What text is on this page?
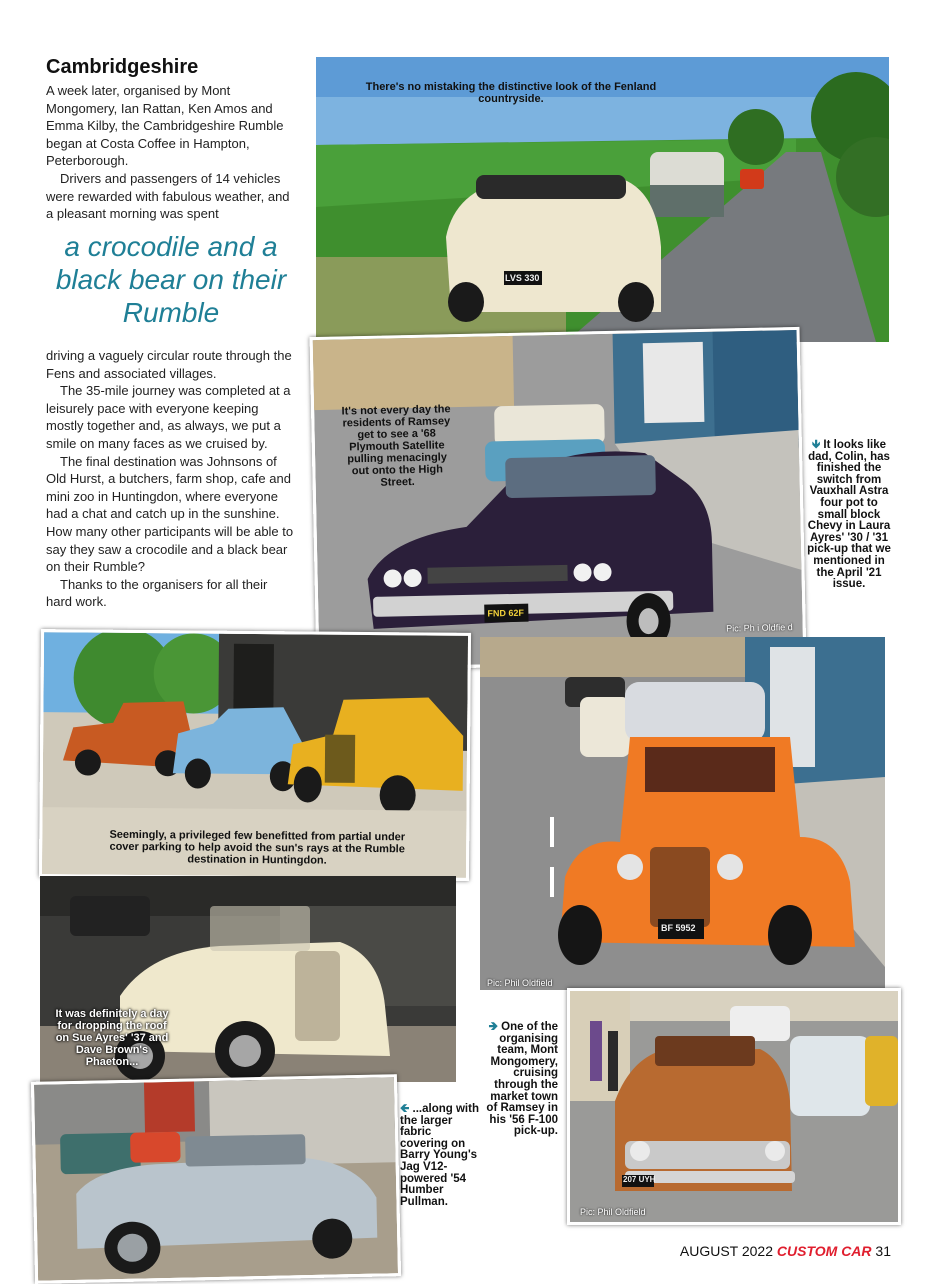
Cambridgeshire

A week later, organised by Mont Mongomery, Ian Rattan, Ken Amos and Emma Kilby, the Cambridgeshire Rumble began at Costa Coffee in Hampton, Peterborough.

Drivers and passengers of 14 vehicles were rewarded with fabulous weather, and a pleasant morning was spent

a crocodile and a black bear on their Rumble

driving a vaguely circular route through the Fens and associated villages.

The 35-mile journey was completed at a leisurely pace with everyone keeping mostly together and, as always, we put a smile on many faces as we cruised by.

The final destination was Johnsons of Old Hurst, a butchers, farm shop, cafe and mini zoo in Huntingdon, where everyone had a chat and catch up in the sunshine. How many other participants will be able to say they saw a crocodile and a black bear on their Rumble?

Thanks to the organisers for all their hard work.

There's no mistaking the distinctive look of the Fenland countryside.
LVS 330
It's not every day the residents of Ramsey get to see a '68 Plymouth Satellite pulling menacingly out onto the High Street.
FND 62F
Pic: Ph i Oldfie d
🡻 It looks like dad, Colin, has finished the switch from Vauxhall Astra four pot to small block Chevy in Laura Ayres' '30 / '31 pick-up that we mentioned in the April '21 issue.
Seemingly, a privileged few benefitted from partial under cover parking to help avoid the sun's rays at the Rumble destination in Huntingdon.
BF 5952
Pic: Phil Oldfield
It was definitely a day for dropping the roof on Sue Ayres' '37 and Dave Brown's Phaeton...
🡸 ...along with the larger fabric covering on Barry Young's Jag V12-powered '54 Humber Pullman.
🡺 One of the organising team, Mont Mongomery, cruising through the market town of Ramsey in his '56 F-100 pick-up.
207 UYH
Pic: Phil Oldfield
AUGUST 2022 CUSTOM CAR 31
